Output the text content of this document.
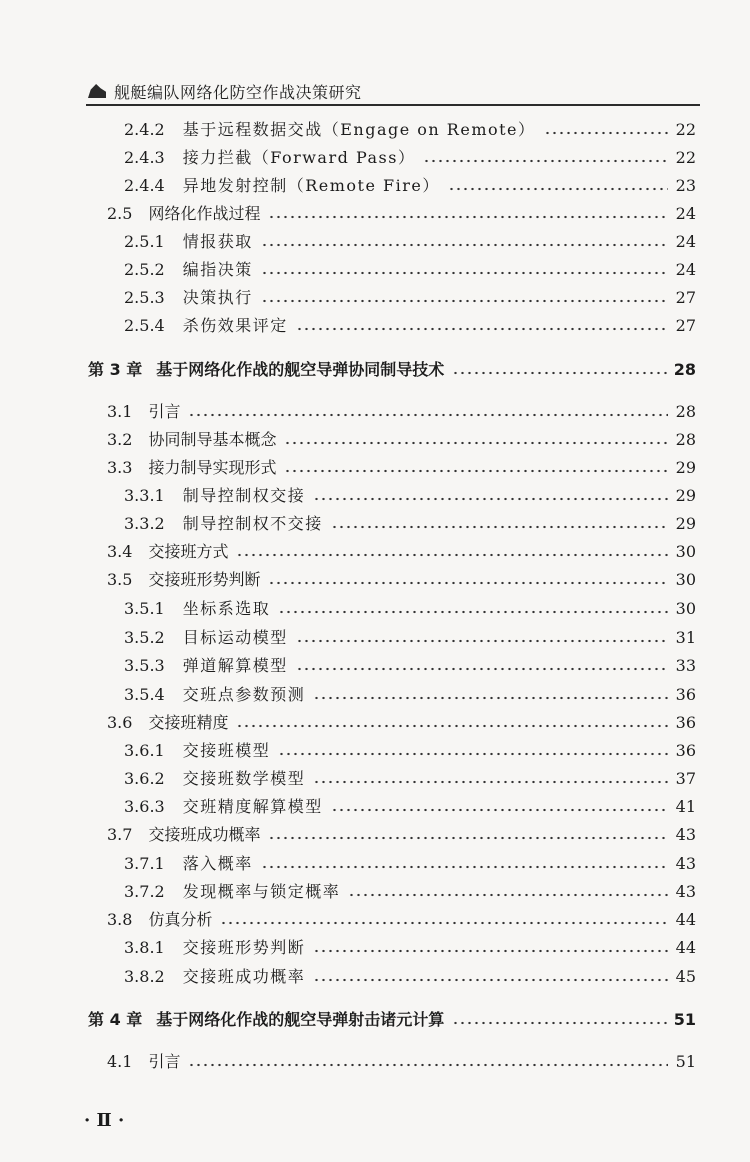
舰艇编队网络化防空作战决策研究
2.4.2 基于远程数据交战（Engage on Remote）	22
2.4.3 接力拦截（Forward Pass）	22
2.4.4 异地发射控制（Remote Fire）	23
2.5 网络化作战过程	24
2.5.1 情报获取	24
2.5.2 编指决策	24
2.5.3 决策执行	27
2.5.4 杀伤效果评定	27
第 3 章 基于网络化作战的舰空导弹协同制导技术	28
3.1 引言	28
3.2 协同制导基本概念	28
3.3 接力制导实现形式	29
3.3.1 制导控制权交接	29
3.3.2 制导控制权不交接	29
3.4 交接班方式	30
3.5 交接班形势判断	30
3.5.1 坐标系选取	30
3.5.2 目标运动模型	31
3.5.3 弹道解算模型	33
3.5.4 交班点参数预测	36
3.6 交接班精度	36
3.6.1 交接班模型	36
3.6.2 交接班数学模型	37
3.6.3 交班精度解算模型	41
3.7 交接班成功概率	43
3.7.1 落入概率	43
3.7.2 发现概率与锁定概率	43
3.8 仿真分析	44
3.8.1 交接班形势判断	44
3.8.2 交接班成功概率	45
第 4 章 基于网络化作战的舰空导弹射击诸元计算	51
4.1 引言	51
· Ⅱ ·
